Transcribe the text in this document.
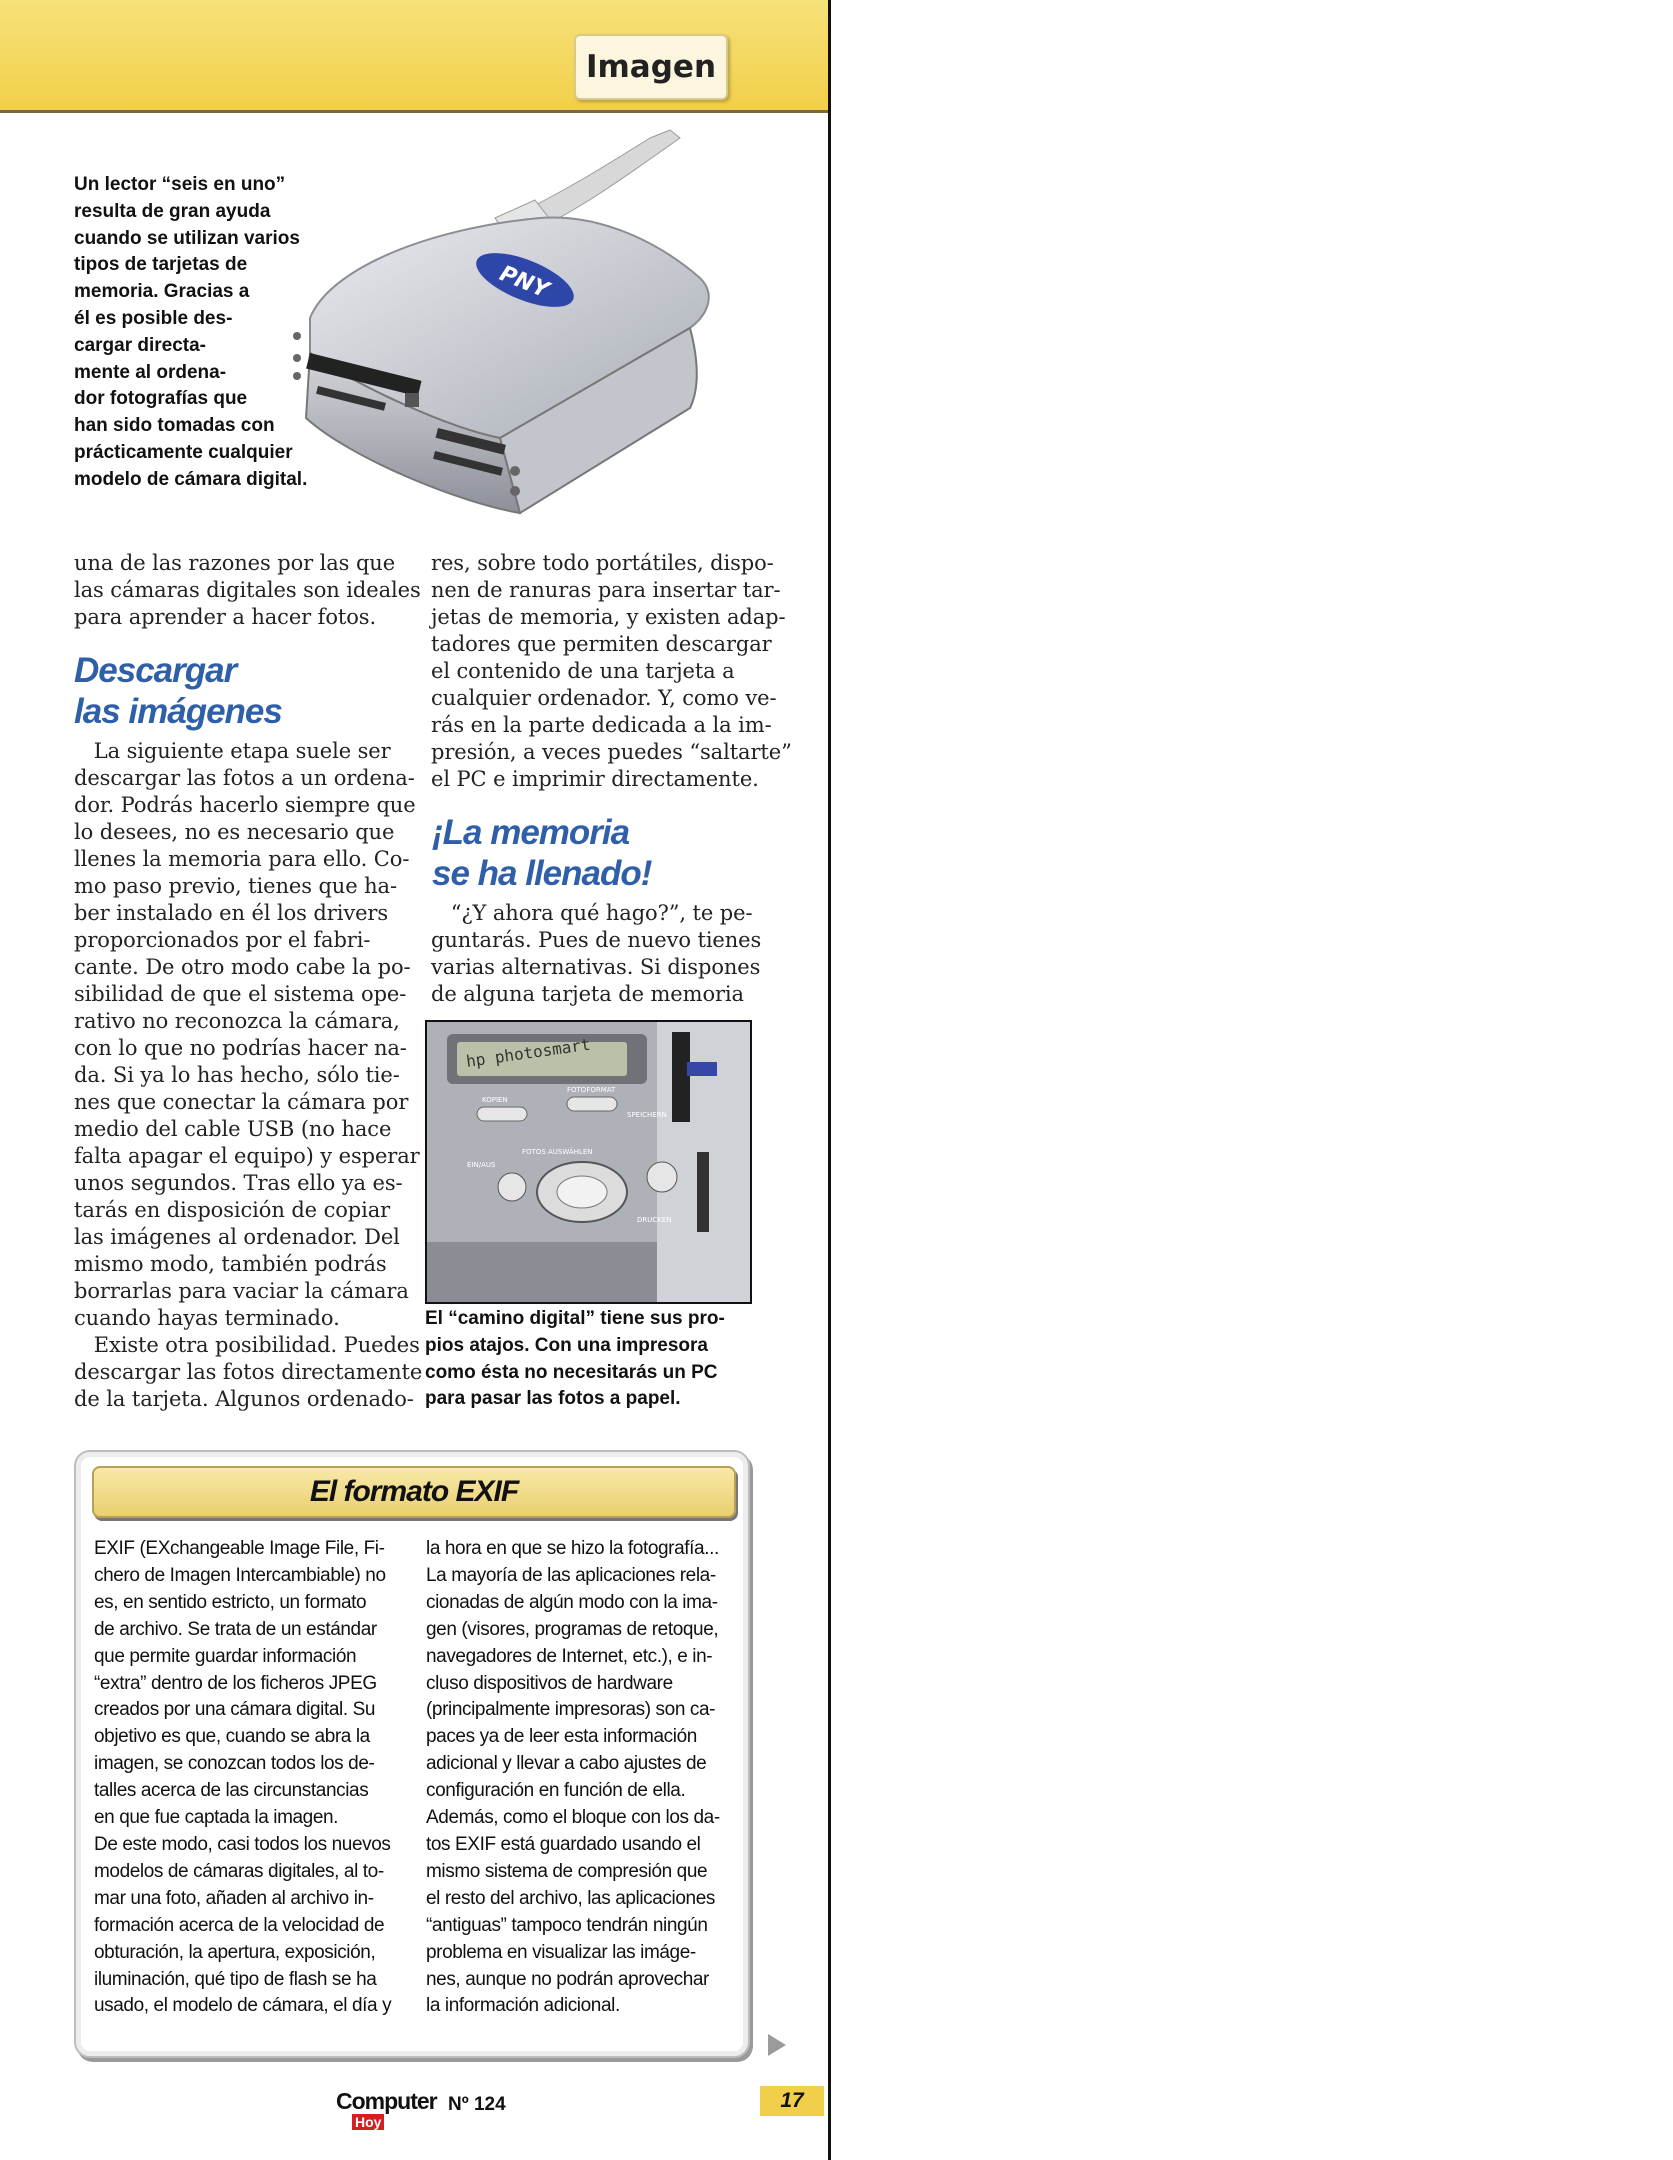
Imagen
PNY
Un lector “seis en uno”
resulta de gran ayuda
cuando se utilizan varios
tipos de tarjetas de
memoria. Gracias a
él es posible des-
cargar directa-
mente al ordena-
dor fotografías que
han sido tomadas con
prácticamente cualquier
modelo de cámara digital.
una de las razones por las que
las cámaras digitales son ideales
para aprender a hacer fotos.
Descargar
las imágenes
La siguiente etapa suele ser
descargar las fotos a un ordena-
dor. Podrás hacerlo siempre que
lo desees, no es necesario que
llenes la memoria para ello. Co-
mo paso previo, tienes que ha-
ber instalado en él los drivers
proporcionados por el fabri-
cante. De otro modo cabe la po-
sibilidad de que el sistema ope-
rativo no reconozca la cámara,
con lo que no podrías hacer na-
da. Si ya lo has hecho, sólo tie-
nes que conectar la cámara por
medio del cable USB (no hace
falta apagar el equipo) y esperar
unos segundos. Tras ello ya es-
tarás en disposición de copiar
las imágenes al ordenador. Del
mismo modo, también podrás
borrarlas para vaciar la cámara
cuando hayas terminado.
Existe otra posibilidad. Puedes
descargar las fotos directamente
de la tarjeta. Algunos ordenado-
res, sobre todo portátiles, dispo-
nen de ranuras para insertar tar-
jetas de memoria, y existen adap-
tadores que permiten descargar
el contenido de una tarjeta a
cualquier ordenador. Y, como ve-
rás en la parte dedicada a la im-
presión, a veces puedes “saltarte”
el PC e imprimir directamente.
¡La memoria
se ha llenado!
“¿Y ahora qué hago?”, te pe-
guntarás. Pues de nuevo tienes
varias alternativas. Si dispones
de alguna tarjeta de memoria
hp photosmart
KOPIEN
FOTOFORMAT
SPEICHERN
EIN/AUS
FOTOS AUSWÄHLEN
DRUCKEN
El “camino digital” tiene sus pro-
pios atajos. Con una impresora
como ésta no necesitarás un PC
para pasar las fotos a papel.
El formato EXIF
EXIF (EXchangeable Image File, Fi-
chero de Imagen Intercambiable) no
es, en sentido estricto, un formato
de archivo. Se trata de un estándar
que permite guardar información
“extra” dentro de los ficheros JPEG
creados por una cámara digital. Su
objetivo es que, cuando se abra la
imagen, se conozcan todos los de-
talles acerca de las circunstancias
en que fue captada la imagen.
De este modo, casi todos los nuevos
modelos de cámaras digitales, al to-
mar una foto, añaden al archivo in-
formación acerca de la velocidad de
obturación, la apertura, exposición,
iluminación, qué tipo de flash se ha
usado, el modelo de cámara, el día y
la hora en que se hizo la fotografía...
La mayoría de las aplicaciones rela-
cionadas de algún modo con la ima-
gen (visores, programas de retoque,
navegadores de Internet, etc.), e in-
cluso dispositivos de hardware
(principalmente impresoras) son ca-
paces ya de leer esta información
adicional y llevar a cabo ajustes de
configuración en función de ella.
Además, como el bloque con los da-
tos EXIF está guardado usando el
mismo sistema de compresión que
el resto del archivo, las aplicaciones
“antiguas” tampoco tendrán ningún
problema en visualizar las imáge-
nes, aunque no podrán aprovechar
la información adicional.
Computer
Hoy
Nº 124	17
